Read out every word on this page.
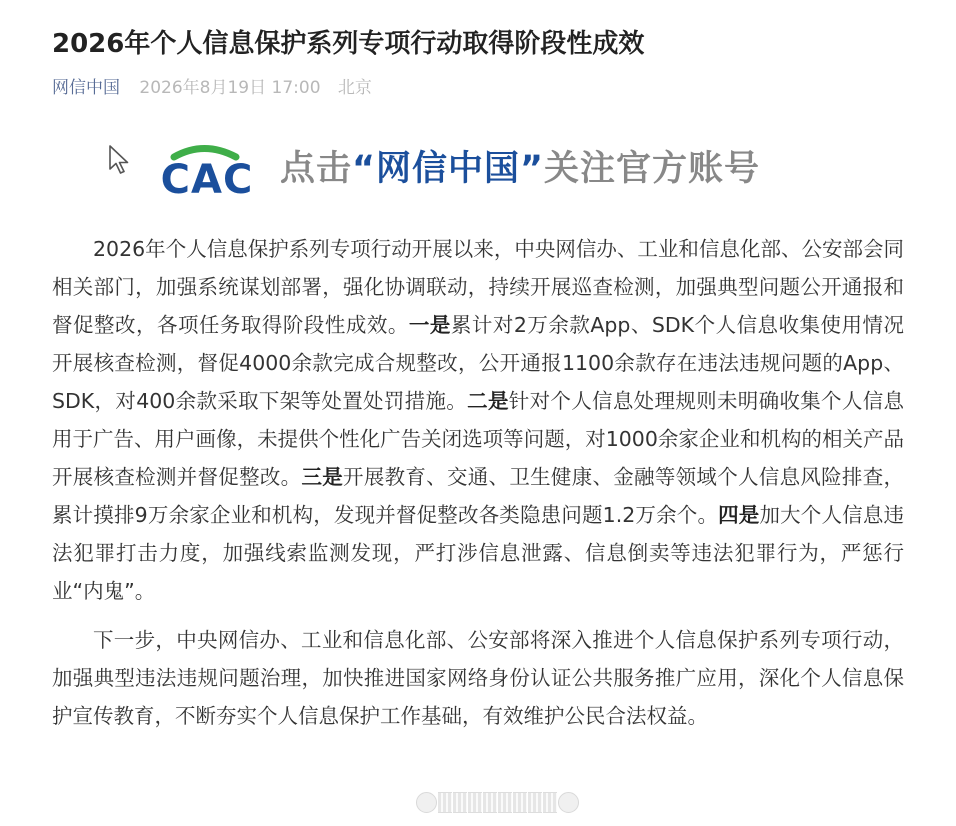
2026年个人信息保护系列专项行动取得阶段性成效
网信中国 2026年8月19日 17:00 北京
CAC 点击“网信中国”关注官方账号

2026年个人信息保护系列专项行动开展以来，中央网信办、工业和信息化部、公安部会同相关部门，加强系统谋划部署，强化协调联动，持续开展巡查检测，加强典型问题公开通报和督促整改，各项任务取得阶段性成效。一是累计对2万余款App、SDK个人信息收集使用情况开展核查检测，督促4000余款完成合规整改，公开通报1100余款存在违法违规问题的App、SDK，对400余款采取下架等处置处罚措施。二是针对个人信息处理规则未明确收集个人信息用于广告、用户画像，未提供个性化广告关闭选项等问题，对1000余家企业和机构的相关产品开展核查检测并督促整改。三是开展教育、交通、卫生健康、金融等领域个人信息风险排查，累计摸排9万余家企业和机构，发现并督促整改各类隐患问题1.2万余个。四是加大个人信息违法犯罪打击力度，加强线索监测发现，严打涉信息泄露、信息倒卖等违法犯罪行为，严惩行业“内鬼”。

下一步，中央网信办、工业和信息化部、公安部将深入推进个人信息保护系列专项行动，加强典型违法违规问题治理，加快推进国家网络身份认证公共服务推广应用，深化个人信息保护宣传教育，不断夯实个人信息保护工作基础，有效维护公民合法权益。
